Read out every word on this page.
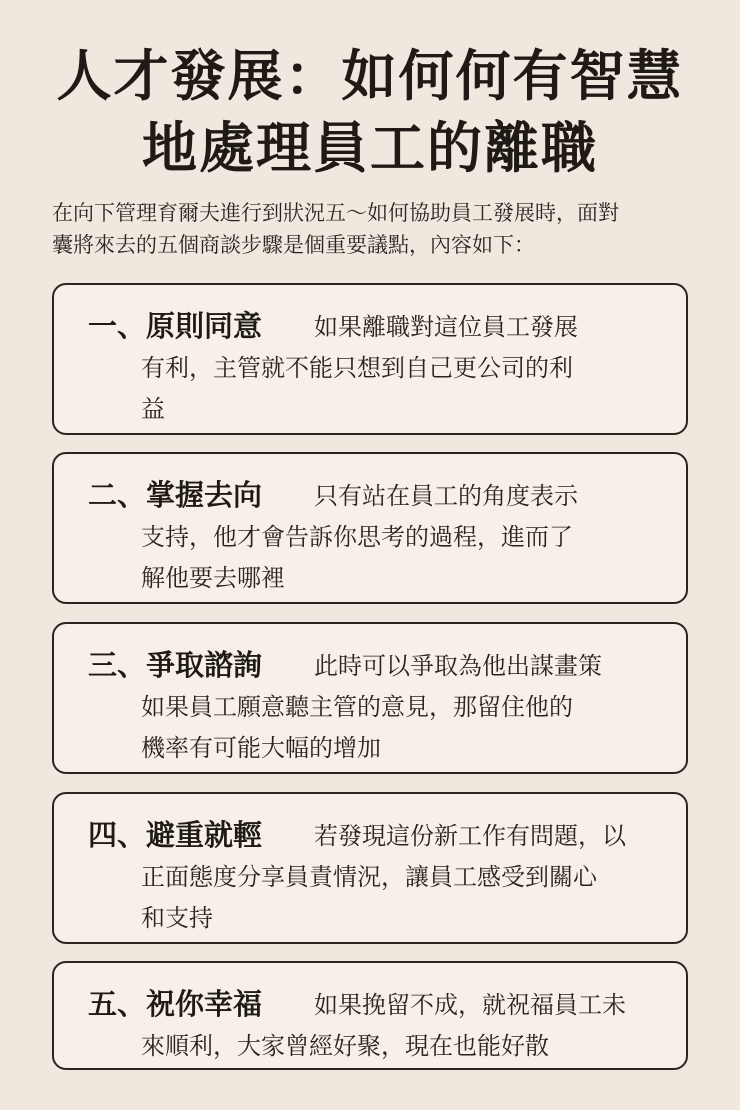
人才發展：如何何有智慧
地處理員工的離職
在向下管理育爾夫進行到狀況五～如何協助員工發展時，面對
囊將來去的五個商談步驟是個重要議點，內容如下：
一、原則同意	如果離職對這位員工發展
有利，主管就不能只想到自己更公司的利
益
二、掌握去向	只有站在員工的角度表示
支持，他才會告訴你思考的過程，進而了
解他要去哪裡
三、爭取諮詢	此時可以爭取為他出謀畫策
如果員工願意聽主管的意見，那留住他的
機率有可能大幅的增加
四、避重就輕	若發現這份新工作有問題，以
正面態度分享員責情況，讓員工感受到關心
和支持
五、祝你幸福	如果挽留不成，就祝福員工未
來順利，大家曾經好聚，現在也能好散
